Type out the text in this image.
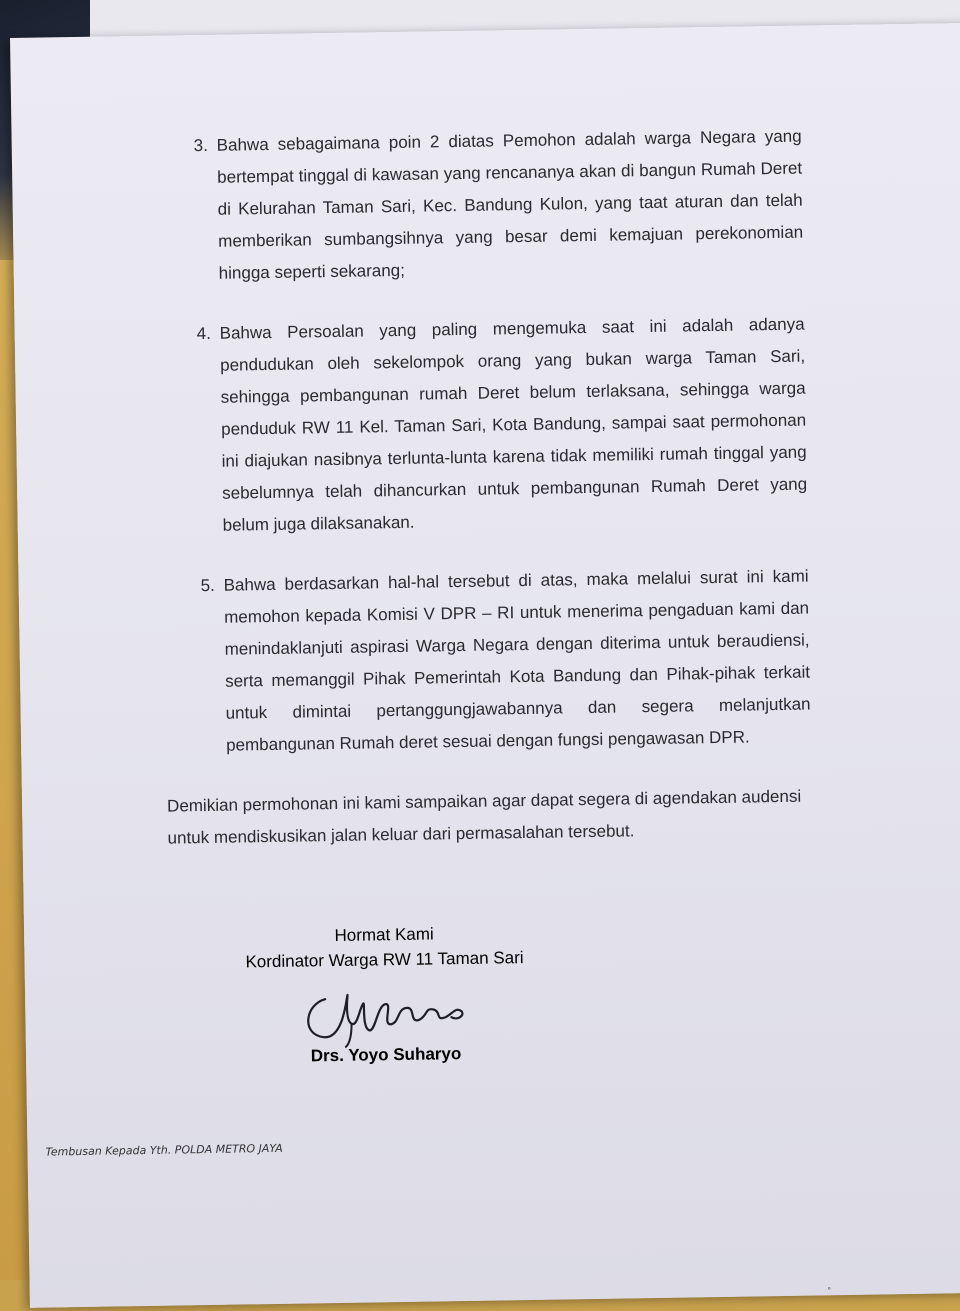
3. Bahwa sebagaimana poin 2 diatas Pemohon adalah warga Negara yang bertempat tinggal di kawasan yang rencananya akan di bangun Rumah Deret di Kelurahan Taman Sari, Kec. Bandung Kulon, yang taat aturan dan telah memberikan sumbangsihnya yang besar demi kemajuan perekonomian hingga seperti sekarang;
4. Bahwa Persoalan yang paling mengemuka saat ini adalah adanya pendudukan oleh sekelompok orang yang bukan warga Taman Sari, sehingga pembangunan rumah Deret belum terlaksana, sehingga warga penduduk RW 11 Kel. Taman Sari, Kota Bandung, sampai saat permohonan ini diajukan nasibnya terlunta-lunta karena tidak memiliki rumah tinggal yang sebelumnya telah dihancurkan untuk pembangunan Rumah Deret yang belum juga dilaksanakan.
5. Bahwa berdasarkan hal-hal tersebut di atas, maka melalui surat ini kami memohon kepada Komisi V DPR – RI untuk menerima pengaduan kami dan menindaklanjuti aspirasi Warga Negara dengan diterima untuk beraudiensi, serta memanggil Pihak Pemerintah Kota Bandung dan Pihak-pihak terkait untuk dimintai pertanggungjawabannya dan segera melanjutkan pembangunan Rumah deret sesuai dengan fungsi pengawasan DPR.
Demikian permohonan ini kami sampaikan agar dapat segera di agendakan audensi untuk mendiskusikan jalan keluar dari permasalahan tersebut.
Hormat Kami
Kordinator Warga RW 11 Taman Sari
Drs. Yoyo Suharyo
Tembusan Kepada Yth. POLDA METRO JAYA
˚
